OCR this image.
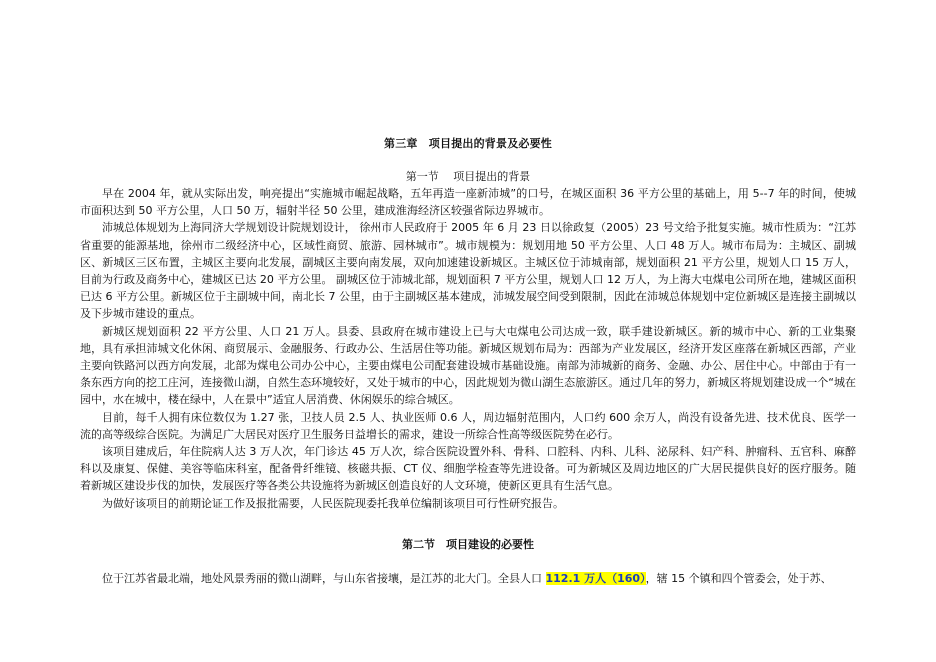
第三章　项目提出的背景及必要性
第一节　 项目提出的背景

早在 2004 年，就从实际出发，响亮提出“实施城市崛起战略，五年再造一座新沛城”的口号，在城区面积 36 平方公里的基础上，用 5--7 年的时间，使城市面积达到 50 平方公里，人口 50 万，辐射半径 50 公里，建成淮海经济区较强省际边界城市。

沛城总体规划为上海同济大学规划设计院规划设计， 徐州市人民政府于 2005 年 6 月 23 日以徐政复（2005）23 号文给予批复实施。城市性质为：“江苏省重要的能源基地，徐州市二级经济中心，区域性商贸、旅游、园林城市”。城市规模为：规划用地 50 平方公里、人口 48 万人。城市布局为：主城区、副城区、新城区三区布置，主城区主要向北发展，副城区主要向南发展，双向加速建设新城区。主城区位于沛城南部，规划面积 21 平方公里，规划人口 15 万人，目前为行政及商务中心，建城区已达 20 平方公里。 副城区位于沛城北部，规划面积 7 平方公里，规划人口 12 万人，为上海大屯煤电公司所在地，建城区面积已达 6 平方公里。新城区位于主副城中间，南北长 7 公里，由于主副城区基本建成，沛城发展空间受到限制，因此在沛城总体规划中定位新城区是连接主副城以及下步城市建设的重点。

新城区规划面积 22 平方公里、人口 21 万人。县委、县政府在城市建设上已与大屯煤电公司达成一致，联手建设新城区。新的城市中心、新的工业集聚地，具有承担沛城文化休闲、商贸展示、金融服务、行政办公、生活居住等功能。新城区规划布局为：西部为产业发展区，经济开发区座落在新城区西部，产业主要向铁路河以西方向发展，北部为煤电公司办公中心，主要由煤电公司配套建设城市基础设施。南部为沛城新的商务、金融、办公、居住中心。中部由于有一条东西方向的挖工庄河，连接微山湖，自然生态环境较好，又处于城市的中心，因此规划为微山湖生态旅游区。通过几年的努力，新城区将规划建设成一个“城在园中，水在城中，楼在绿中，人在景中”适宜人居消费、休闲娱乐的综合城区。

目前，每千人拥有床位数仅为 1.27 张，卫技人员 2.5 人、执业医师 0.6 人，周边辐射范围内，人口约 600 余万人，尚没有设备先进、技术优良、医学一流的高等级综合医院。为满足广大居民对医疗卫生服务日益增长的需求，建设一所综合性高等级医院势在必行。

该项目建成后，年住院病人达 3 万人次，年门诊达 45 万人次，综合医院设置外科、骨科、口腔科、内科、儿科、泌尿科、妇产科、肿瘤科、五官科、麻醉科以及康复、保健、美容等临床科室，配备骨纤维镜、核磁共振、CT 仪、细胞学检查等先进设备。可为新城区及周边地区的广大居民提供良好的医疗服务。随着新城区建设步伐的加快，发展医疗等各类公共设施将为新城区创造良好的人文环境，使新区更具有生活气息。

为做好该项目的前期论证工作及报批需要，人民医院现委托我单位编制该项目可行性研究报告。

第二节　项目建设的必要性
位于江苏省最北端，地处风景秀丽的微山湖畔，与山东省接壤，是江苏的北大门。全县人口 112.1 万人（160），辖 15 个镇和四个管委会，处于苏、
